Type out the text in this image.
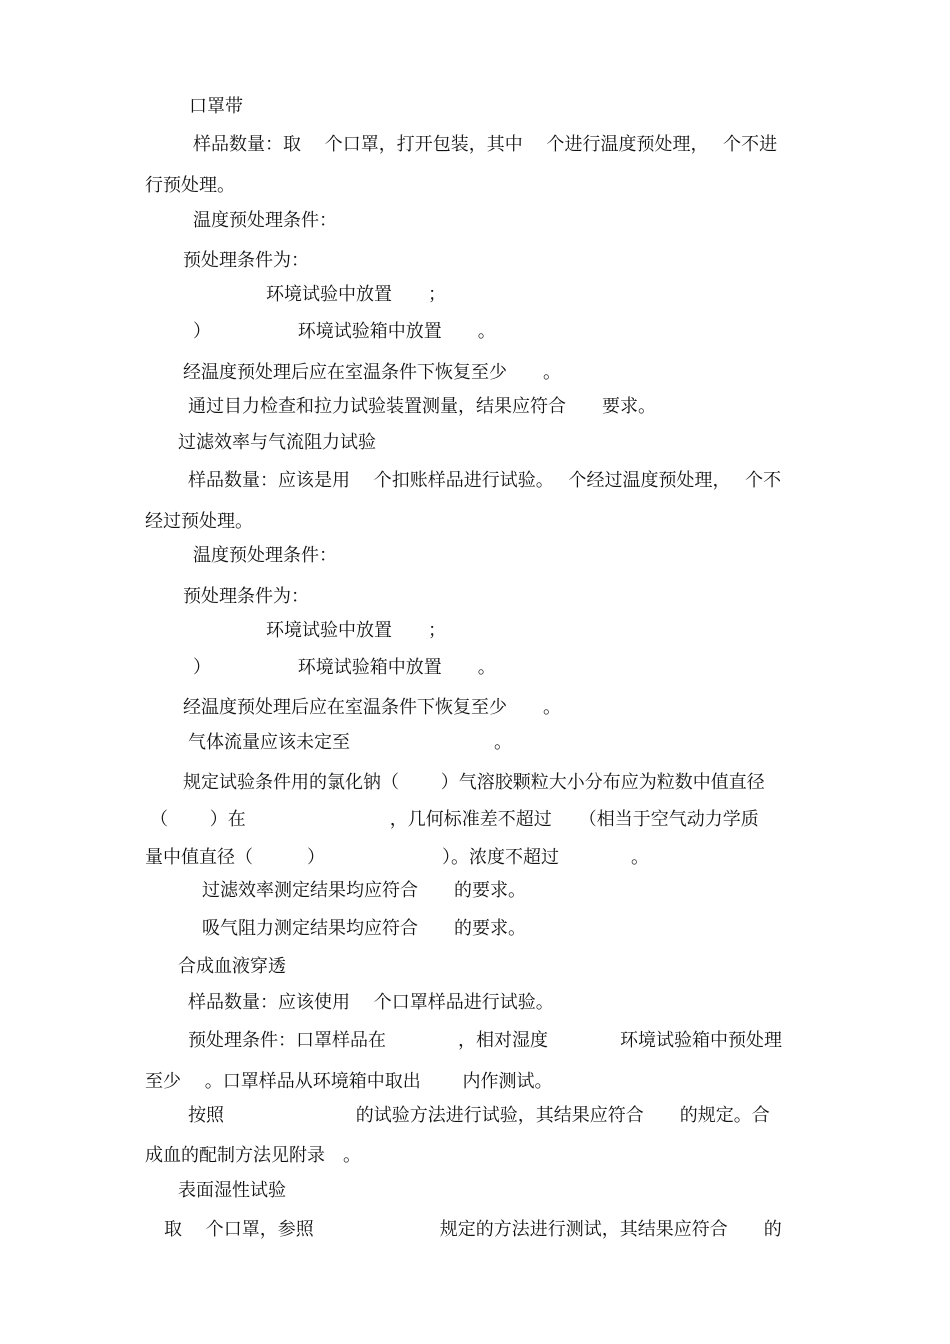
口罩带

样品数量：取　 个口罩，打开包装，其中　 个进行温度预处理，　 个不进

行预处理。

温度预处理条件：

预处理条件为：

环境试验中放置　　；

）　　　　　 环境试验箱中放置　　。

经温度预处理后应在室温条件下恢复至少　　。

通过目力检查和拉力试验装置测量，结果应符合　　要求。

过滤效率与气流阻力试验

样品数量：应该是用　 个扣账样品进行试验。　 个经过温度预处理，　 个不

经过预处理。

温度预处理条件：

预处理条件为：

环境试验中放置　　；

）　　　　　 环境试验箱中放置　　。

经温度预处理后应在室温条件下恢复至少　　。

气体流量应该未定至　　　　　　　　。

规定试验条件用的氯化钠（　　 ）气溶胶颗粒大小分布应为粒数中值直径

（　　 ）在　　　　　　　　，几何标准差不超过　　（相当于空气动力学质

量中值直径（　　　）　　　　　　　）。浓度不超过　　　　。

过滤效率测定结果均应符合　　的要求。

吸气阻力测定结果均应符合　　的要求。

合成血液穿透

样品数量：应该使用　 个口罩样品进行试验。

预处理条件：口罩样品在　　　　，相对湿度　　　　环境试验箱中预处理

至少　 。口罩样品从环境箱中取出　　 内作测试。

按照　　　　　　　 的试验方法进行试验，其结果应符合　　的规定。合

成血的配制方法见附录　。

表面湿性试验

取　 个口罩，参照　　　　　　　规定的方法进行测试，其结果应符合　　的
